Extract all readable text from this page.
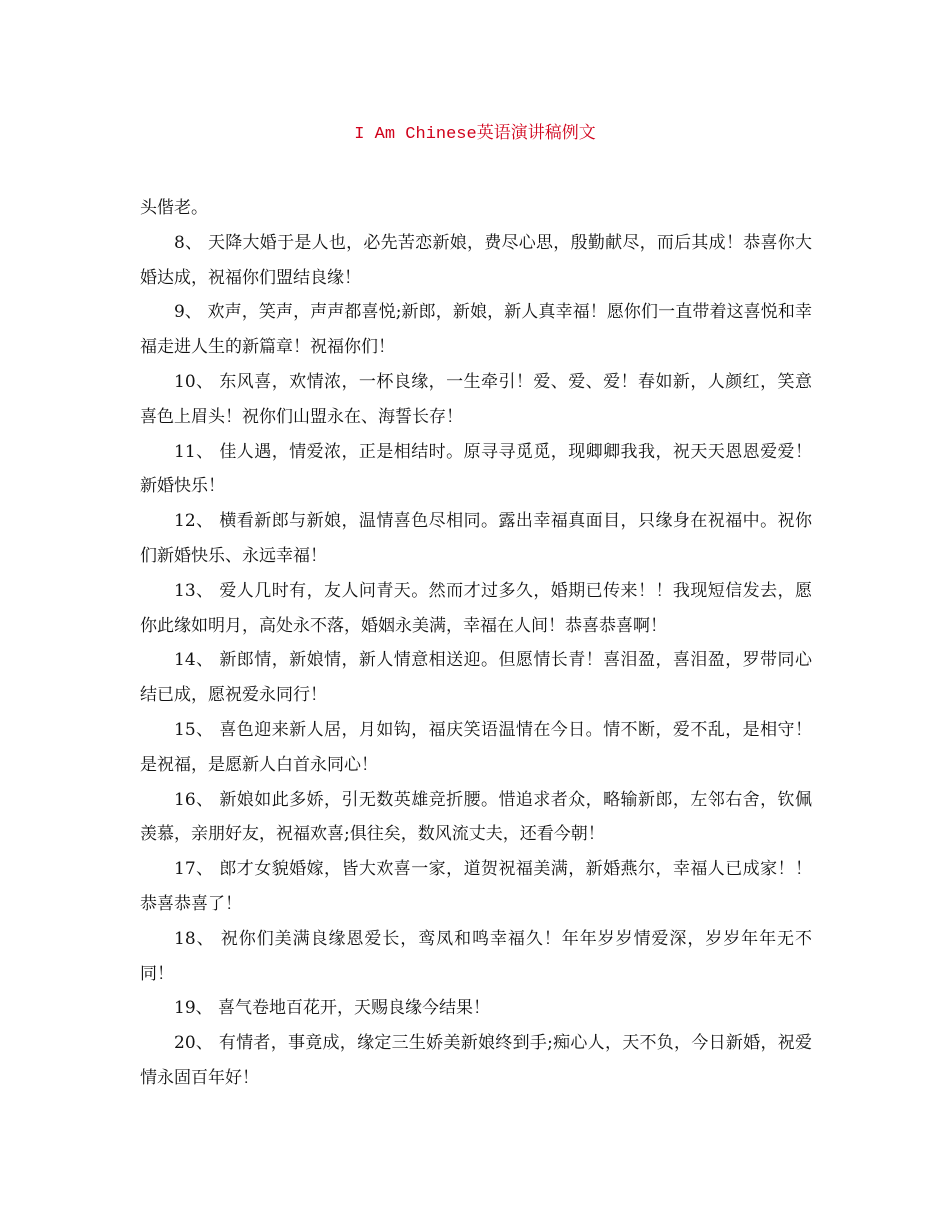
I Am Chinese英语演讲稿例文

头偕老。

8、 天降大婚于是人也，必先苦恋新娘，费尽心思，殷勤献尽，而后其成！恭喜你大婚达成，祝福你们盟结良缘！

9、 欢声，笑声，声声都喜悦;新郎，新娘，新人真幸福！愿你们一直带着这喜悦和幸福走进人生的新篇章！祝福你们！

10、 东风喜，欢情浓，一杯良缘，一生牵引！爱、爱、爱！春如新，人颜红，笑意喜色上眉头！祝你们山盟永在、海誓长存！

11、 佳人遇，情爱浓，正是相结时。原寻寻觅觅，现卿卿我我，祝天天恩恩爱爱！新婚快乐！

12、 横看新郎与新娘，温情喜色尽相同。露出幸福真面目，只缘身在祝福中。祝你们新婚快乐、永远幸福！

13、 爱人几时有，友人问青天。然而才过多久，婚期已传来！！我现短信发去，愿你此缘如明月，高处永不落，婚姻永美满，幸福在人间！恭喜恭喜啊！

14、 新郎情，新娘情，新人情意相送迎。但愿情长青！喜泪盈，喜泪盈，罗带同心结已成，愿祝爱永同行！

15、 喜色迎来新人居，月如钩，福庆笑语温情在今日。情不断，爱不乱，是相守！是祝福，是愿新人白首永同心！

16、 新娘如此多娇，引无数英雄竞折腰。惜追求者众，略输新郎，左邻右舍，钦佩羡慕，亲朋好友，祝福欢喜;俱往矣，数风流丈夫，还看今朝！

17、 郎才女貌婚嫁，皆大欢喜一家，道贺祝福美满，新婚燕尔，幸福人已成家！！恭喜恭喜了！

18、 祝你们美满良缘恩爱长，鸾凤和鸣幸福久！年年岁岁情爱深，岁岁年年无不同！

19、 喜气卷地百花开，天赐良缘今结果！

20、 有情者，事竟成，缘定三生娇美新娘终到手;痴心人，天不负，今日新婚，祝爱情永固百年好！
